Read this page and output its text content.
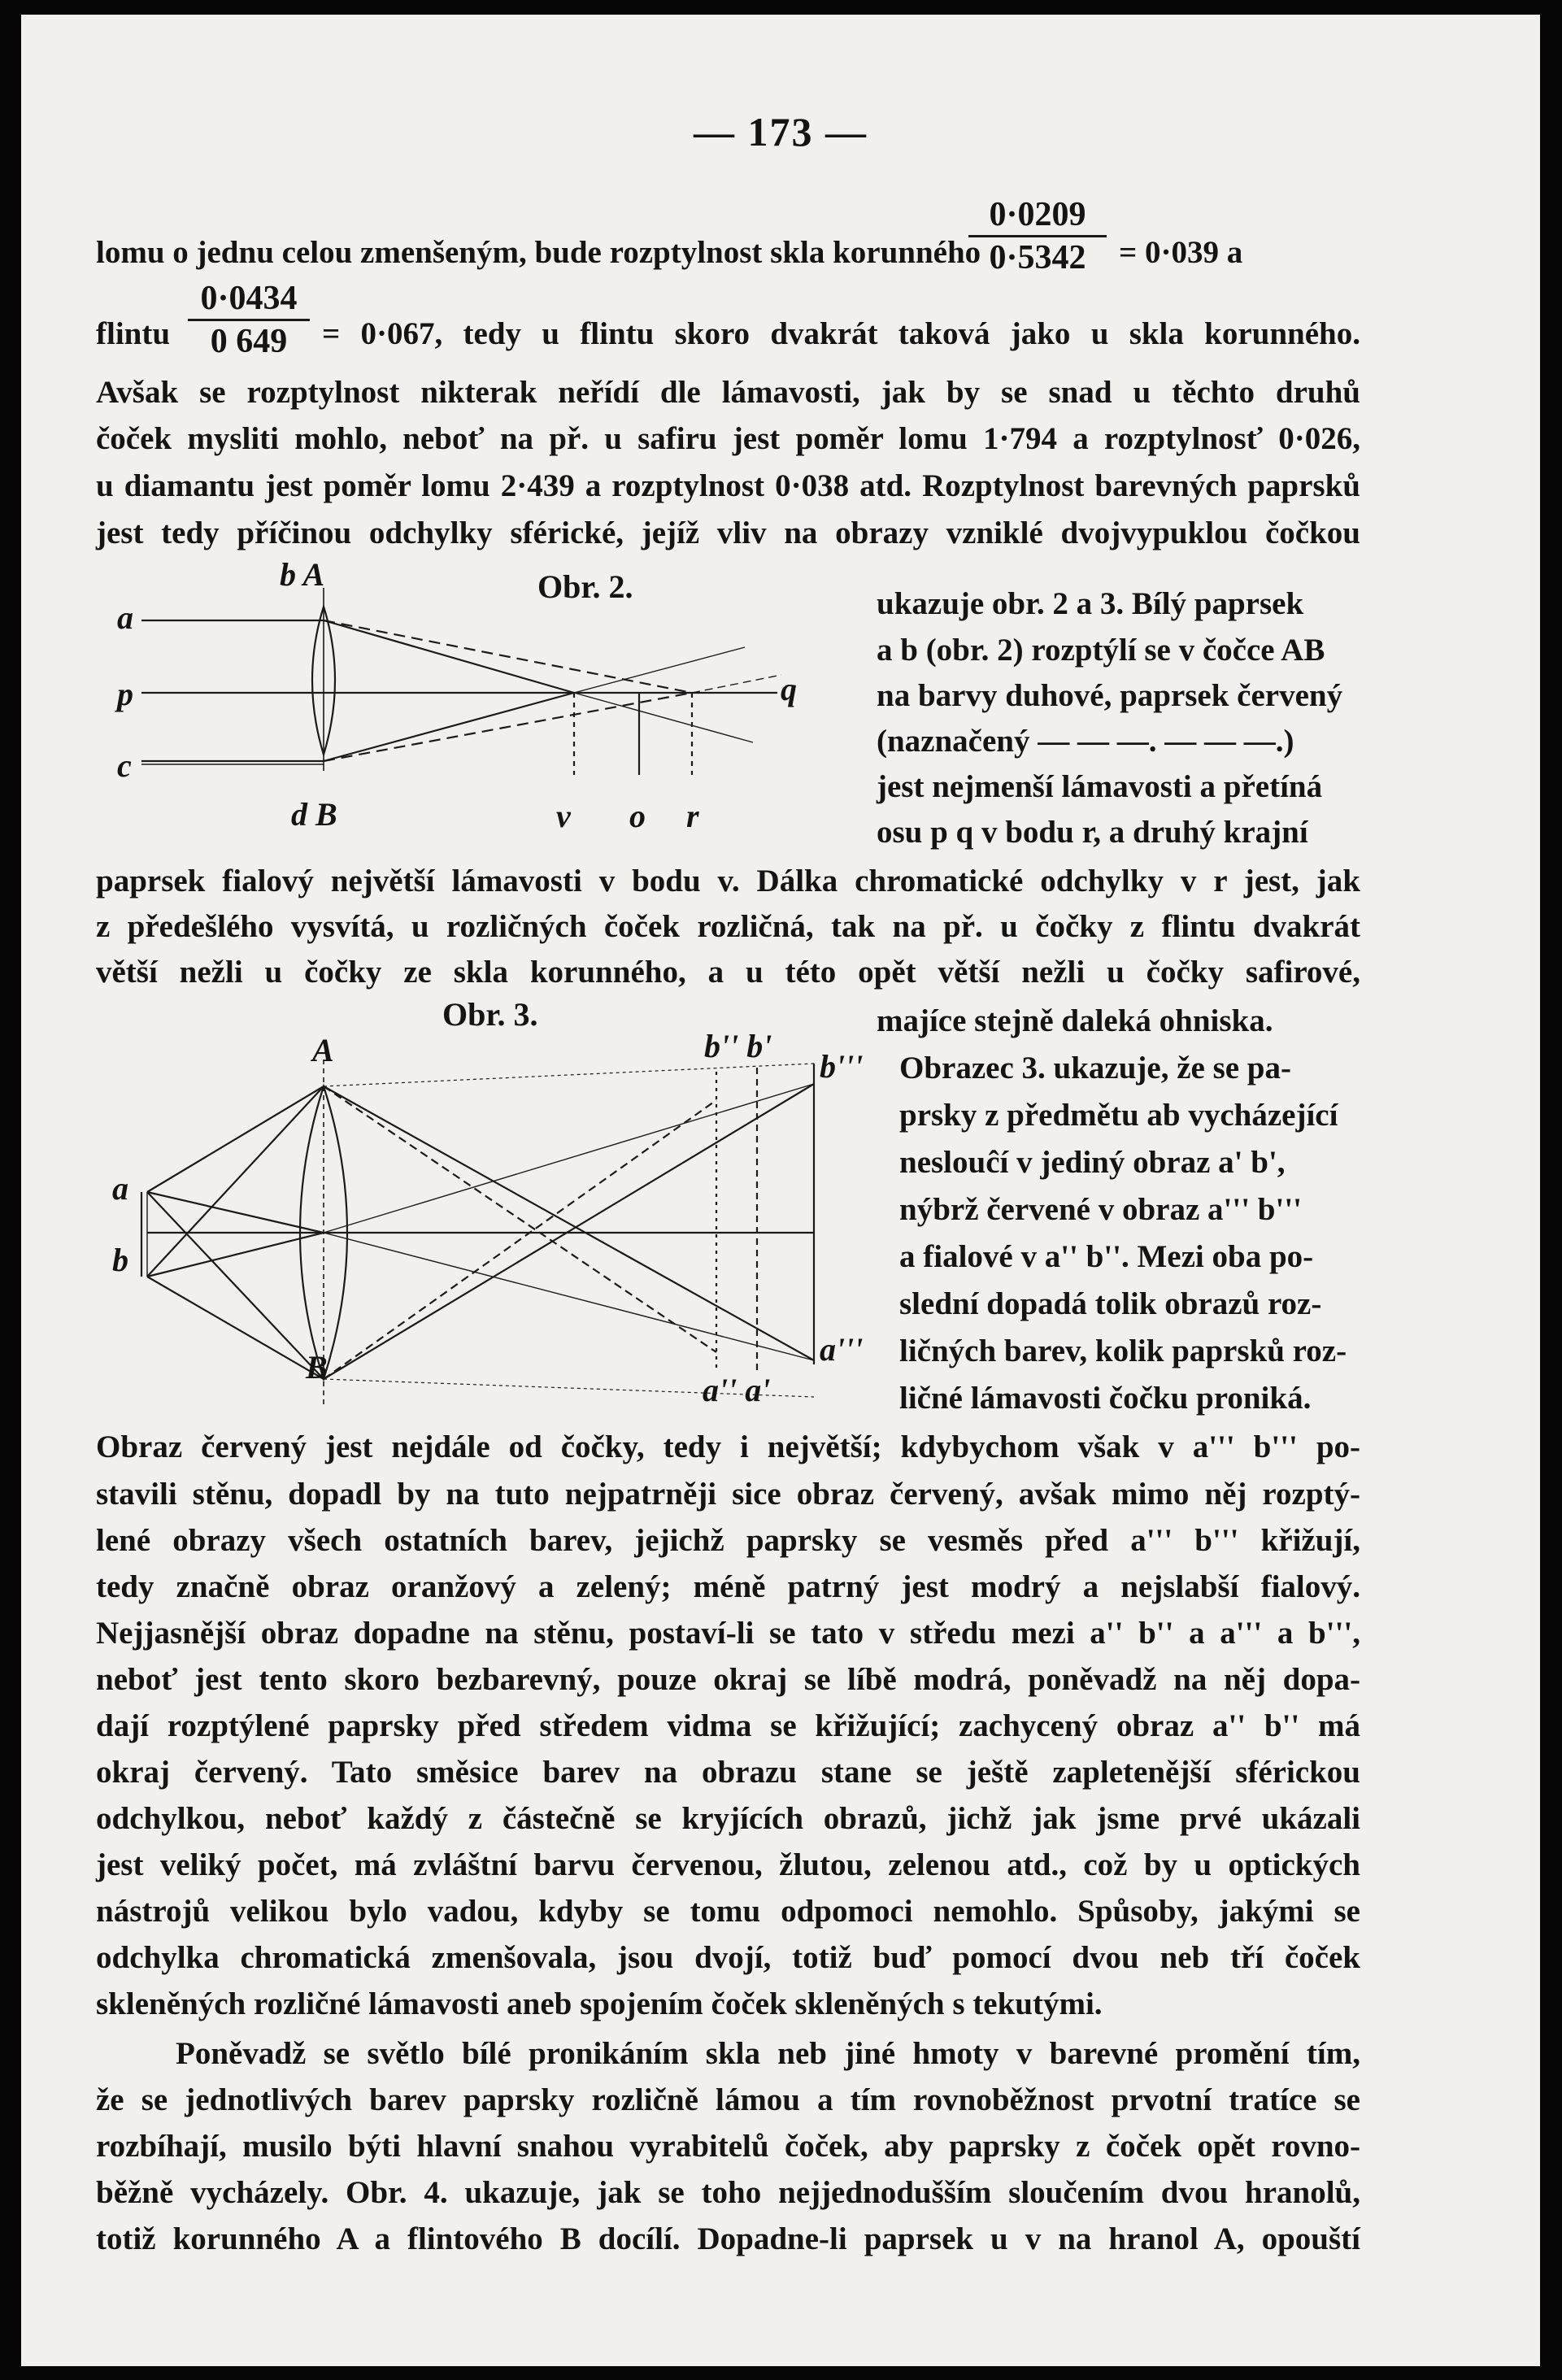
— 173 —
lomu o jednu celou zmenšeným, bude rozptylnost skla korunného
0·0209
0·5342	= 0·039 a
flintu
0·0434
0 649	= 0·067, tedy u flintu skoro dvakrát taková jako u skla korunného.
Avšak se rozptylnost nikterak neřídí dle lámavosti, jak by se snad u těchto druhů
čoček mysliti mohlo, neboť na př. u safiru jest poměr lomu 1·794 a rozptylnosť 0·026,
u diamantu jest poměr lomu 2·439 a rozptylnost 0·038 atd. Rozptylnost barevných paprsků
jest tedy příčinou odchylky sférické, jejíž vliv na obrazy vzniklé dvojvypuklou čočkou
Obr. 2.
b A
a
p	q
c
d B	v o r
ukazuje obr. 2 a 3. Bílý paprsek
a b (obr. 2) rozptýlí se v čočce AB
na barvy duhové, paprsek červený
(naznačený — — —. — — —.)
jest nejmenší lámavosti a přetíná
osu p q v bodu r, a druhý krajní
paprsek fialový největší lámavosti v bodu v. Dálka chromatické odchylky v r jest, jak
z předešlého vysvítá, u rozličných čoček rozličná, tak na př. u čočky z flintu dvakrát
větší nežli u čočky ze skla korunného, a u této opět větší nežli u čočky safirové,
Obr. 3.
A	b'' b'
b'''
a
b
a'''
B
a'' a'
majíce stejně daleká ohniska.
Obrazec 3. ukazuje, že se pa-
prsky z předmětu ab vycházející
neslouĉí v jediný obraz a' b',
nýbrž červené v obraz a''' b'''
a fialové v a'' b''. Mezi oba po-
slední dopadá tolik obrazů roz-
ličných barev, kolik paprsků roz-
ličné lámavosti čočku proniká.
Obraz červený jest nejdále od čočky, tedy i největší; kdybychom však v a''' b''' po-
stavili stěnu, dopadl by na tuto nejpatrněji sice obraz červený, avšak mimo něj rozptý-
lené obrazy všech ostatních barev, jejichž paprsky se vesměs před a''' b''' křižují,
tedy značně obraz oranžový a zelený; méně patrný jest modrý a nejslabší fialový.
Nejjasnější obraz dopadne na stěnu, postaví-li se tato v středu mezi a'' b'' a a''' a b''',
neboť jest tento skoro bezbarevný, pouze okraj se líbě modrá, poněvadž na něj dopa-
dají rozptýlené paprsky před středem vidma se křižující; zachycený obraz a'' b'' má
okraj červený. Tato směsice barev na obrazu stane se ještě zapletenější sférickou
odchylkou, neboť každý z částečně se kryjících obrazů, jichž jak jsme prvé ukázali
jest veliký počet, má zvláštní barvu červenou, žlutou, zelenou atd., což by u optických
nástrojů velikou bylo vadou, kdyby se tomu odpomoci nemohlo. Spůsoby, jakými se
odchylka chromatická zmenšovala, jsou dvojí, totiž buď pomocí dvou neb tří čoček
skleněných rozličné lámavosti aneb spojením čoček skleněných s tekutými.
Poněvadž se světlo bílé pronikáním skla neb jiné hmoty v barevné promění tím,
že se jednotlivých barev paprsky rozličně lámou a tím rovnoběžnost prvotní tratíce se
rozbíhají, musilo býti hlavní snahou vyrabitelů čoček, aby paprsky z čoček opět rovno-
běžně vycházely. Obr. 4. ukazuje, jak se toho nejjednodušším sloučením dvou hranolů,
totiž korunného A a flintového B docílí. Dopadne-li paprsek u v na hranol A, opouští
